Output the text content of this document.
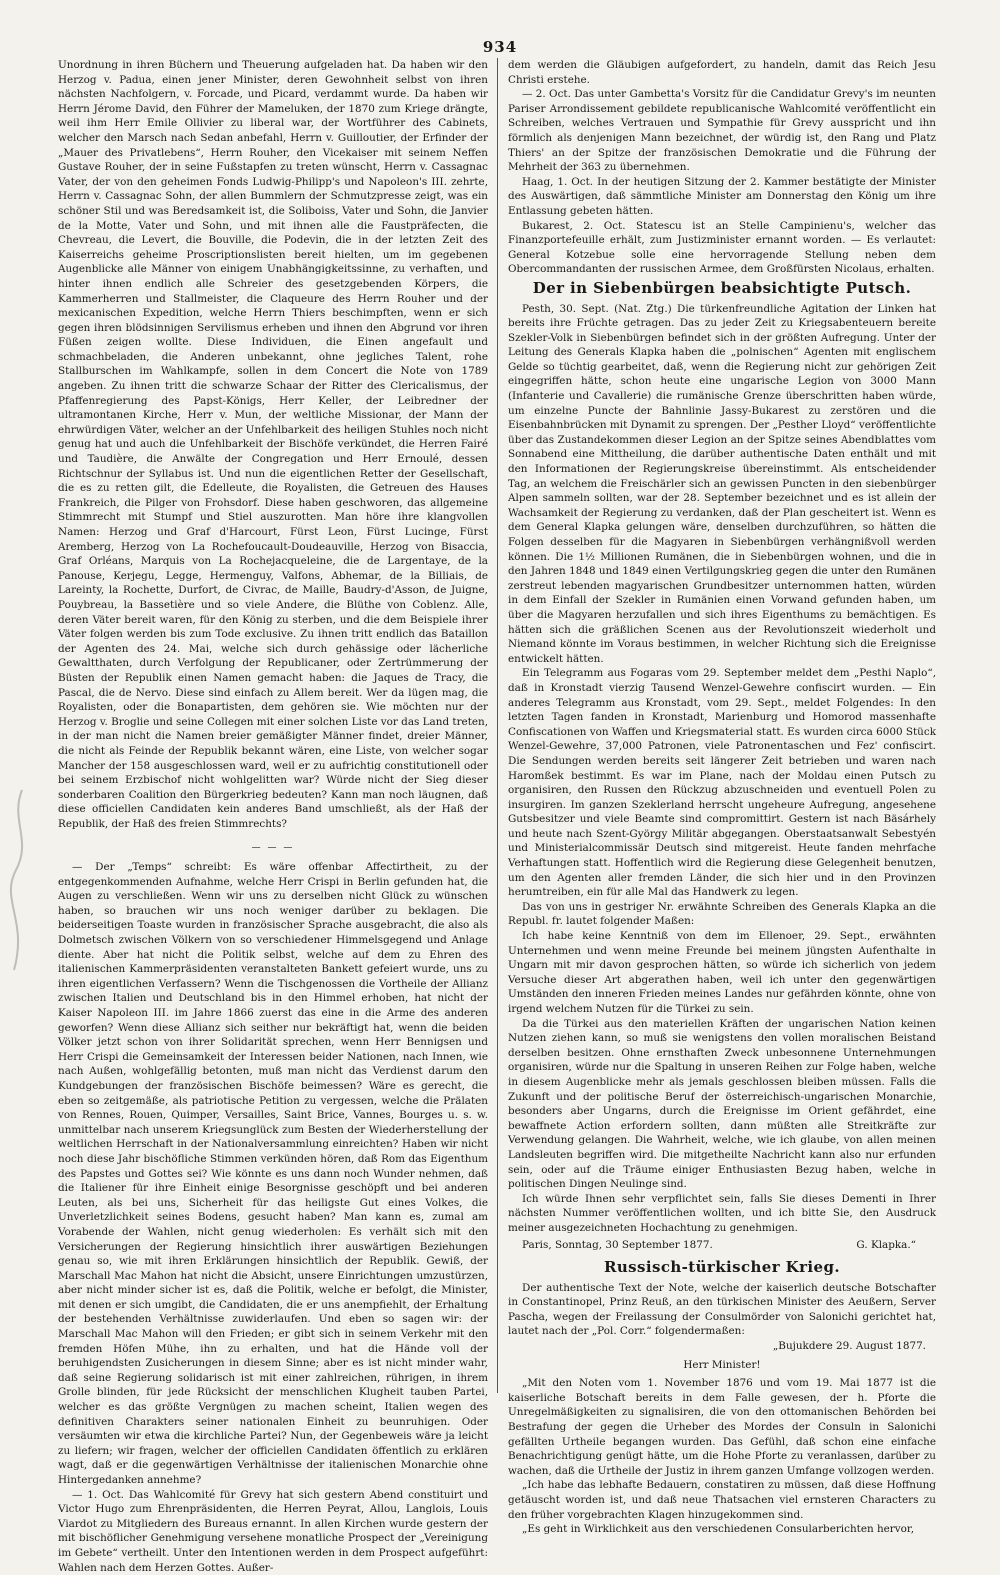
934

Unordnung in ihren Büchern und Theuerung aufgeladen hat. Da haben wir den Herzog v. Padua, einen jener Minister, deren Gewohnheit selbst von ihren nächsten Nachfolgern, v. Forcade, und Picard, verdammt wurde. Da haben wir Herrn Jérome David, den Führer der Mameluken, der 1870 zum Kriege drängte, weil ihm Herr Emile Ollivier zu liberal war, der Wortführer des Cabinets, welcher den Marsch nach Sedan anbefahl, Herrn v. Guilloutier, der Erfinder der „Mauer des Privatlebens“, Herrn Rouher, den Vicekaiser mit seinem Neffen Gustave Rouher, der in seine Fußstapfen zu treten wünscht, Herrn v. Cassagnac Vater, der von den geheimen Fonds Ludwig-Philipp's und Napoleon's III. zehrte, Herrn v. Cassagnac Sohn, der allen Bummlern der Schmutzpresse zeigt, was ein schöner Stil und was Beredsamkeit ist, die Soliboiss, Vater und Sohn, die Janvier de la Motte, Vater und Sohn, und mit ihnen alle die Faustpräfecten, die Chevreau, die Levert, die Bouville, die Podevin, die in der letzten Zeit des Kaiserreichs geheime Proscriptionslisten bereit hielten, um im gegebenen Augenblicke alle Männer von einigem Unabhängigkeitssinne, zu verhaften, und hinter ihnen endlich alle Schreier des gesetzgebenden Körpers, die Kammerherren und Stallmeister, die Claqueure des Herrn Rouher und der mexicanischen Expedition, welche Herrn Thiers beschimpften, wenn er sich gegen ihren blödsinnigen Servilismus erheben und ihnen den Abgrund vor ihren Füßen zeigen wollte. Diese Individuen, die Einen angefault und schmachbeladen, die Anderen unbekannt, ohne jegliches Talent, rohe Stallburschen im Wahlkampfe, sollen in dem Concert die Note von 1789 angeben. Zu ihnen tritt die schwarze Schaar der Ritter des Clericalismus, der Pfaffenregierung des Papst-Königs, Herr Keller, der Leibredner der ultramontanen Kirche, Herr v. Mun, der weltliche Missionar, der Mann der ehrwürdigen Väter, welcher an der Unfehlbarkeit des heiligen Stuhles noch nicht genug hat und auch die Unfehlbarkeit der Bischöfe verkündet, die Herren Fairé und Taudière, die Anwälte der Congregation und Herr Ernoulé, dessen Richtschnur der Syllabus ist. Und nun die eigentlichen Retter der Gesellschaft, die es zu retten gilt, die Edelleute, die Royalisten, die Getreuen des Hauses Frankreich, die Pilger von Frohsdorf. Diese haben geschworen, das allgemeine Stimmrecht mit Stumpf und Stiel auszurotten. Man höre ihre klangvollen Namen: Herzog und Graf d'Harcourt, Fürst Leon, Fürst Lucinge, Fürst Aremberg, Herzog von La Rochefoucault-Doudeauville, Herzog von Bisaccia, Graf Orléans, Marquis von La Rochejacqueleine, die de Largentaye, de la Panouse, Kerjegu, Legge, Hermenguy, Valfons, Abhemar, de la Billiais, de Lareinty, la Rochette, Durfort, de Civrac, de Maille, Baudry-d'Asson, de Juigne, Pouybreau, la Bassetière und so viele Andere, die Blüthe von Coblenz. Alle, deren Väter bereit waren, für den König zu sterben, und die dem Beispiele ihrer Väter folgen werden bis zum Tode exclusive. Zu ihnen tritt endlich das Bataillon der Agenten des 24. Mai, welche sich durch gehässige oder lächerliche Gewaltthaten, durch Verfolgung der Republicaner, oder Zertrümmerung der Büsten der Republik einen Namen gemacht haben: die Jaques de Tracy, die Pascal, die de Nervo. Diese sind einfach zu Allem bereit. Wer da lügen mag, die Royalisten, oder die Bonapartisten, dem gehören sie. Wie möchten nur der Herzog v. Broglie und seine Collegen mit einer solchen Liste vor das Land treten, in der man nicht die Namen breier gemäßigter Männer findet, dreier Männer, die nicht als Feinde der Republik bekannt wären, eine Liste, von welcher sogar Mancher der 158 ausgeschlossen ward, weil er zu aufrichtig constitutionell oder bei seinem Erzbischof nicht wohlgelitten war? Würde nicht der Sieg dieser sonderbaren Coalition den Bürgerkrieg bedeuten? Kann man noch läugnen, daß diese officiellen Candidaten kein anderes Band umschließt, als der Haß der Republik, der Haß des freien Stimmrechts?

— — —

— Der „Temps“ schreibt: Es wäre offenbar Affectirtheit, zu der entgegenkommenden Aufnahme, welche Herr Crispi in Berlin gefunden hat, die Augen zu verschließen. Wenn wir uns zu derselben nicht Glück zu wünschen haben, so brauchen wir uns noch weniger darüber zu beklagen. Die beiderseitigen Toaste wurden in französischer Sprache ausgebracht, die also als Dolmetsch zwischen Völkern von so verschiedener Himmelsgegend und Anlage diente. Aber hat nicht die Politik selbst, welche auf dem zu Ehren des italienischen Kammerpräsidenten veranstalteten Bankett gefeiert wurde, uns zu ihren eigentlichen Verfassern? Wenn die Tischgenossen die Vortheile der Allianz zwischen Italien und Deutschland bis in den Himmel erhoben, hat nicht der Kaiser Napoleon III. im Jahre 1866 zuerst das eine in die Arme des anderen geworfen? Wenn diese Allianz sich seither nur bekräftigt hat, wenn die beiden Völker jetzt schon von ihrer Solidarität sprechen, wenn Herr Bennigsen und Herr Crispi die Gemeinsamkeit der Interessen beider Nationen, nach Innen, wie nach Außen, wohlgefällig betonten, muß man nicht das Verdienst darum den Kundgebungen der französischen Bischöfe beimessen? Wäre es gerecht, die eben so zeitgemäße, als patriotische Petition zu vergessen, welche die Prälaten von Rennes, Rouen, Quimper, Versailles, Saint Brice, Vannes, Bourges u. s. w. unmittelbar nach unserem Kriegsunglück zum Besten der Wiederherstellung der weltlichen Herrschaft in der Nationalversammlung einreichten? Haben wir nicht noch diese Jahr bischöfliche Stimmen verkünden hören, daß Rom das Eigenthum des Papstes und Gottes sei? Wie könnte es uns dann noch Wunder nehmen, daß die Italiener für ihre Einheit einige Besorgnisse geschöpft und bei anderen Leuten, als bei uns, Sicherheit für das heiligste Gut eines Volkes, die Unverletzlichkeit seines Bodens, gesucht haben? Man kann es, zumal am Vorabende der Wahlen, nicht genug wiederholen: Es verhält sich mit den Versicherungen der Regierung hinsichtlich ihrer auswärtigen Beziehungen genau so, wie mit ihren Erklärungen hinsichtlich der Republik. Gewiß, der Marschall Mac Mahon hat nicht die Absicht, unsere Einrichtungen umzustürzen, aber nicht minder sicher ist es, daß die Politik, welche er befolgt, die Minister, mit denen er sich umgibt, die Candidaten, die er uns anempfiehlt, der Erhaltung der bestehenden Verhältnisse zuwiderlaufen. Und eben so sagen wir: der Marschall Mac Mahon will den Frieden; er gibt sich in seinem Verkehr mit den fremden Höfen Mühe, ihn zu erhalten, und hat die Hände voll der beruhigendsten Zusicherungen in diesem Sinne; aber es ist nicht minder wahr, daß seine Regierung solidarisch ist mit einer zahlreichen, rührigen, in ihrem Grolle blinden, für jede Rücksicht der menschlichen Klugheit tauben Partei, welcher es das größte Vergnügen zu machen scheint, Italien wegen des definitiven Charakters seiner nationalen Einheit zu beunruhigen. Oder versäumten wir etwa die kirchliche Partei? Nun, der Gegenbeweis wäre ja leicht zu liefern; wir fragen, welcher der officiellen Candidaten öffentlich zu erklären wagt, daß er die gegenwärtigen Verhältnisse der italienischen Monarchie ohne Hintergedanken annehme?

— 1. Oct. Das Wahlcomité für Grevy hat sich gestern Abend constituirt und Victor Hugo zum Ehrenpräsidenten, die Herren Peyrat, Allou, Langlois, Louis Viardot zu Mitgliedern des Bureaus ernannt. In allen Kirchen wurde gestern der mit bischöflicher Genehmigung versehene monatliche Prospect der „Vereinigung im Gebete“ vertheilt. Unter den Intentionen werden in dem Prospect aufgeführt: Wahlen nach dem Herzen Gottes. Außer-

dem werden die Gläubigen aufgefordert, zu handeln, damit das Reich Jesu Christi erstehe.

— 2. Oct. Das unter Gambetta's Vorsitz für die Candidatur Grevy's im neunten Pariser Arrondissement gebildete republicanische Wahlcomité veröffentlicht ein Schreiben, welches Vertrauen und Sympathie für Grevy ausspricht und ihn förmlich als denjenigen Mann bezeichnet, der würdig ist, den Rang und Platz Thiers' an der Spitze der französischen Demokratie und die Führung der Mehrheit der 363 zu übernehmen.

Haag, 1. Oct. In der heutigen Sitzung der 2. Kammer bestätigte der Minister des Auswärtigen, daß sämmtliche Minister am Donnerstag den König um ihre Entlassung gebeten hätten.

Bukarest, 2. Oct. Statescu ist an Stelle Campinienu's, welcher das Finanzportefeuille erhält, zum Justizminister ernannt worden. — Es verlautet: General Kotzebue solle eine hervorragende Stellung neben dem Obercommandanten der russischen Armee, dem Großfürsten Nicolaus, erhalten.

Der in Siebenbürgen beabsichtigte Putsch.

Pesth, 30. Sept. (Nat. Ztg.) Die türkenfreundliche Agitation der Linken hat bereits ihre Früchte getragen. Das zu jeder Zeit zu Kriegsabenteuern bereite Szekler-Volk in Siebenbürgen befindet sich in der größten Aufregung. Unter der Leitung des Generals Klapka haben die „polnischen“ Agenten mit englischem Gelde so tüchtig gearbeitet, daß, wenn die Regierung nicht zur gehörigen Zeit eingegriffen hätte, schon heute eine ungarische Legion von 3000 Mann (Infanterie und Cavallerie) die rumänische Grenze überschritten haben würde, um einzelne Puncte der Bahnlinie Jassy-Bukarest zu zerstören und die Eisenbahnbrücken mit Dynamit zu sprengen. Der „Pesther Lloyd“ veröffentlichte über das Zustandekommen dieser Legion an der Spitze seines Abendblattes vom Sonnabend eine Mittheilung, die darüber authentische Daten enthält und mit den Informationen der Regierungskreise übereinstimmt. Als entscheidender Tag, an welchem die Freischärler sich an gewissen Puncten in den siebenbürger Alpen sammeln sollten, war der 28. September bezeichnet und es ist allein der Wachsamkeit der Regierung zu verdanken, daß der Plan gescheitert ist. Wenn es dem General Klapka gelungen wäre, denselben durchzuführen, so hätten die Folgen desselben für die Magyaren in Siebenbürgen verhängnißvoll werden können. Die 1½ Millionen Rumänen, die in Siebenbürgen wohnen, und die in den Jahren 1848 und 1849 einen Vertilgungskrieg gegen die unter den Rumänen zerstreut lebenden magyarischen Grundbesitzer unternommen hatten, würden in dem Einfall der Szekler in Rumänien einen Vorwand gefunden haben, um über die Magyaren herzufallen und sich ihres Eigenthums zu bemächtigen. Es hätten sich die gräßlichen Scenen aus der Revolutionszeit wiederholt und Niemand könnte im Voraus bestimmen, in welcher Richtung sich die Ereignisse entwickelt hätten.

Ein Telegramm aus Fogaras vom 29. September meldet dem „Pesthi Naplo“, daß in Kronstadt vierzig Tausend Wenzel-Gewehre confiscirt wurden. — Ein anderes Telegramm aus Kronstadt, vom 29. Sept., meldet Folgendes: In den letzten Tagen fanden in Kronstadt, Marienburg und Homorod massenhafte Confiscationen von Waffen und Kriegsmaterial statt. Es wurden circa 6000 Stück Wenzel-Gewehre, 37,000 Patronen, viele Patronentaschen und Fez' confiscirt. Die Sendungen werden bereits seit längerer Zeit betrieben und waren nach Haromßek bestimmt. Es war im Plane, nach der Moldau einen Putsch zu organisiren, den Russen den Rückzug abzuschneiden und eventuell Polen zu insurgiren. Im ganzen Szeklerland herrscht ungeheure Aufregung, angesehene Gutsbesitzer und viele Beamte sind compromittirt. Gestern ist nach Bäsárhely und heute nach Szent-György Militär abgegangen. Oberstaatsanwalt Sebestyén und Ministerialcommissär Deutsch sind mitgereist. Heute fanden mehrfache Verhaftungen statt. Hoffentlich wird die Regierung diese Gelegenheit benutzen, um den Agenten aller fremden Länder, die sich hier und in den Provinzen herumtreiben, ein für alle Mal das Handwerk zu legen.

Das von uns in gestriger Nr. erwähnte Schreiben des Generals Klapka an die Republ. fr. lautet folgender Maßen:

Ich habe keine Kenntniß von dem im Ellenoer, 29. Sept., erwähnten Unternehmen und wenn meine Freunde bei meinem jüngsten Aufenthalte in Ungarn mit mir davon gesprochen hätten, so würde ich sicherlich von jedem Versuche dieser Art abgerathen haben, weil ich unter den gegenwärtigen Umständen den inneren Frieden meines Landes nur gefährden könnte, ohne von irgend welchem Nutzen für die Türkei zu sein.

Da die Türkei aus den materiellen Kräften der ungarischen Nation keinen Nutzen ziehen kann, so muß sie wenigstens den vollen moralischen Beistand derselben besitzen. Ohne ernsthaften Zweck unbesonnene Unternehmungen organisiren, würde nur die Spaltung in unseren Reihen zur Folge haben, welche in diesem Augenblicke mehr als jemals geschlossen bleiben müssen. Falls die Zukunft und der politische Beruf der österreichisch-ungarischen Monarchie, besonders aber Ungarns, durch die Ereignisse im Orient gefährdet, eine bewaffnete Action erfordern sollten, dann müßten alle Streitkräfte zur Verwendung gelangen. Die Wahrheit, welche, wie ich glaube, von allen meinen Landsleuten begriffen wird. Die mitgetheilte Nachricht kann also nur erfunden sein, oder auf die Träume einiger Enthusiasten Bezug haben, welche in politischen Dingen Neulinge sind.

Ich würde Ihnen sehr verpflichtet sein, falls Sie dieses Dementi in Ihrer nächsten Nummer veröffentlichen wollten, und ich bitte Sie, den Ausdruck meiner ausgezeichneten Hochachtung zu genehmigen.

Paris, Sonntag, 30 September 1877.	G. Klapka.“
Russisch-türkischer Krieg.

Der authentische Text der Note, welche der kaiserlich deutsche Botschafter in Constantinopel, Prinz Reuß, an den türkischen Minister des Aeußern, Server Pascha, wegen der Freilassung der Consulmörder von Salonichi gerichtet hat, lautet nach der „Pol. Corr.“ folgendermaßen:

„Bujukdere 29. August 1877.
Herr Minister!

„Mit den Noten vom 1. November 1876 und vom 19. Mai 1877 ist die kaiserliche Botschaft bereits in dem Falle gewesen, der h. Pforte die Unregelmäßigkeiten zu signalisiren, die von den ottomanischen Behörden bei Bestrafung der gegen die Urheber des Mordes der Consuln in Salonichi gefällten Urtheile begangen wurden. Das Gefühl, daß schon eine einfache Benachrichtigung genügt hätte, um die Hohe Pforte zu veranlassen, darüber zu wachen, daß die Urtheile der Justiz in ihrem ganzen Umfange vollzogen werden.

„Ich habe das lebhafte Bedauern, constatiren zu müssen, daß diese Hoffnung getäuscht worden ist, und daß neue Thatsachen viel ernsteren Characters zu den früher vorgebrachten Klagen hinzugekommen sind.

„Es geht in Wirklichkeit aus den verschiedenen Consularberichten hervor,
